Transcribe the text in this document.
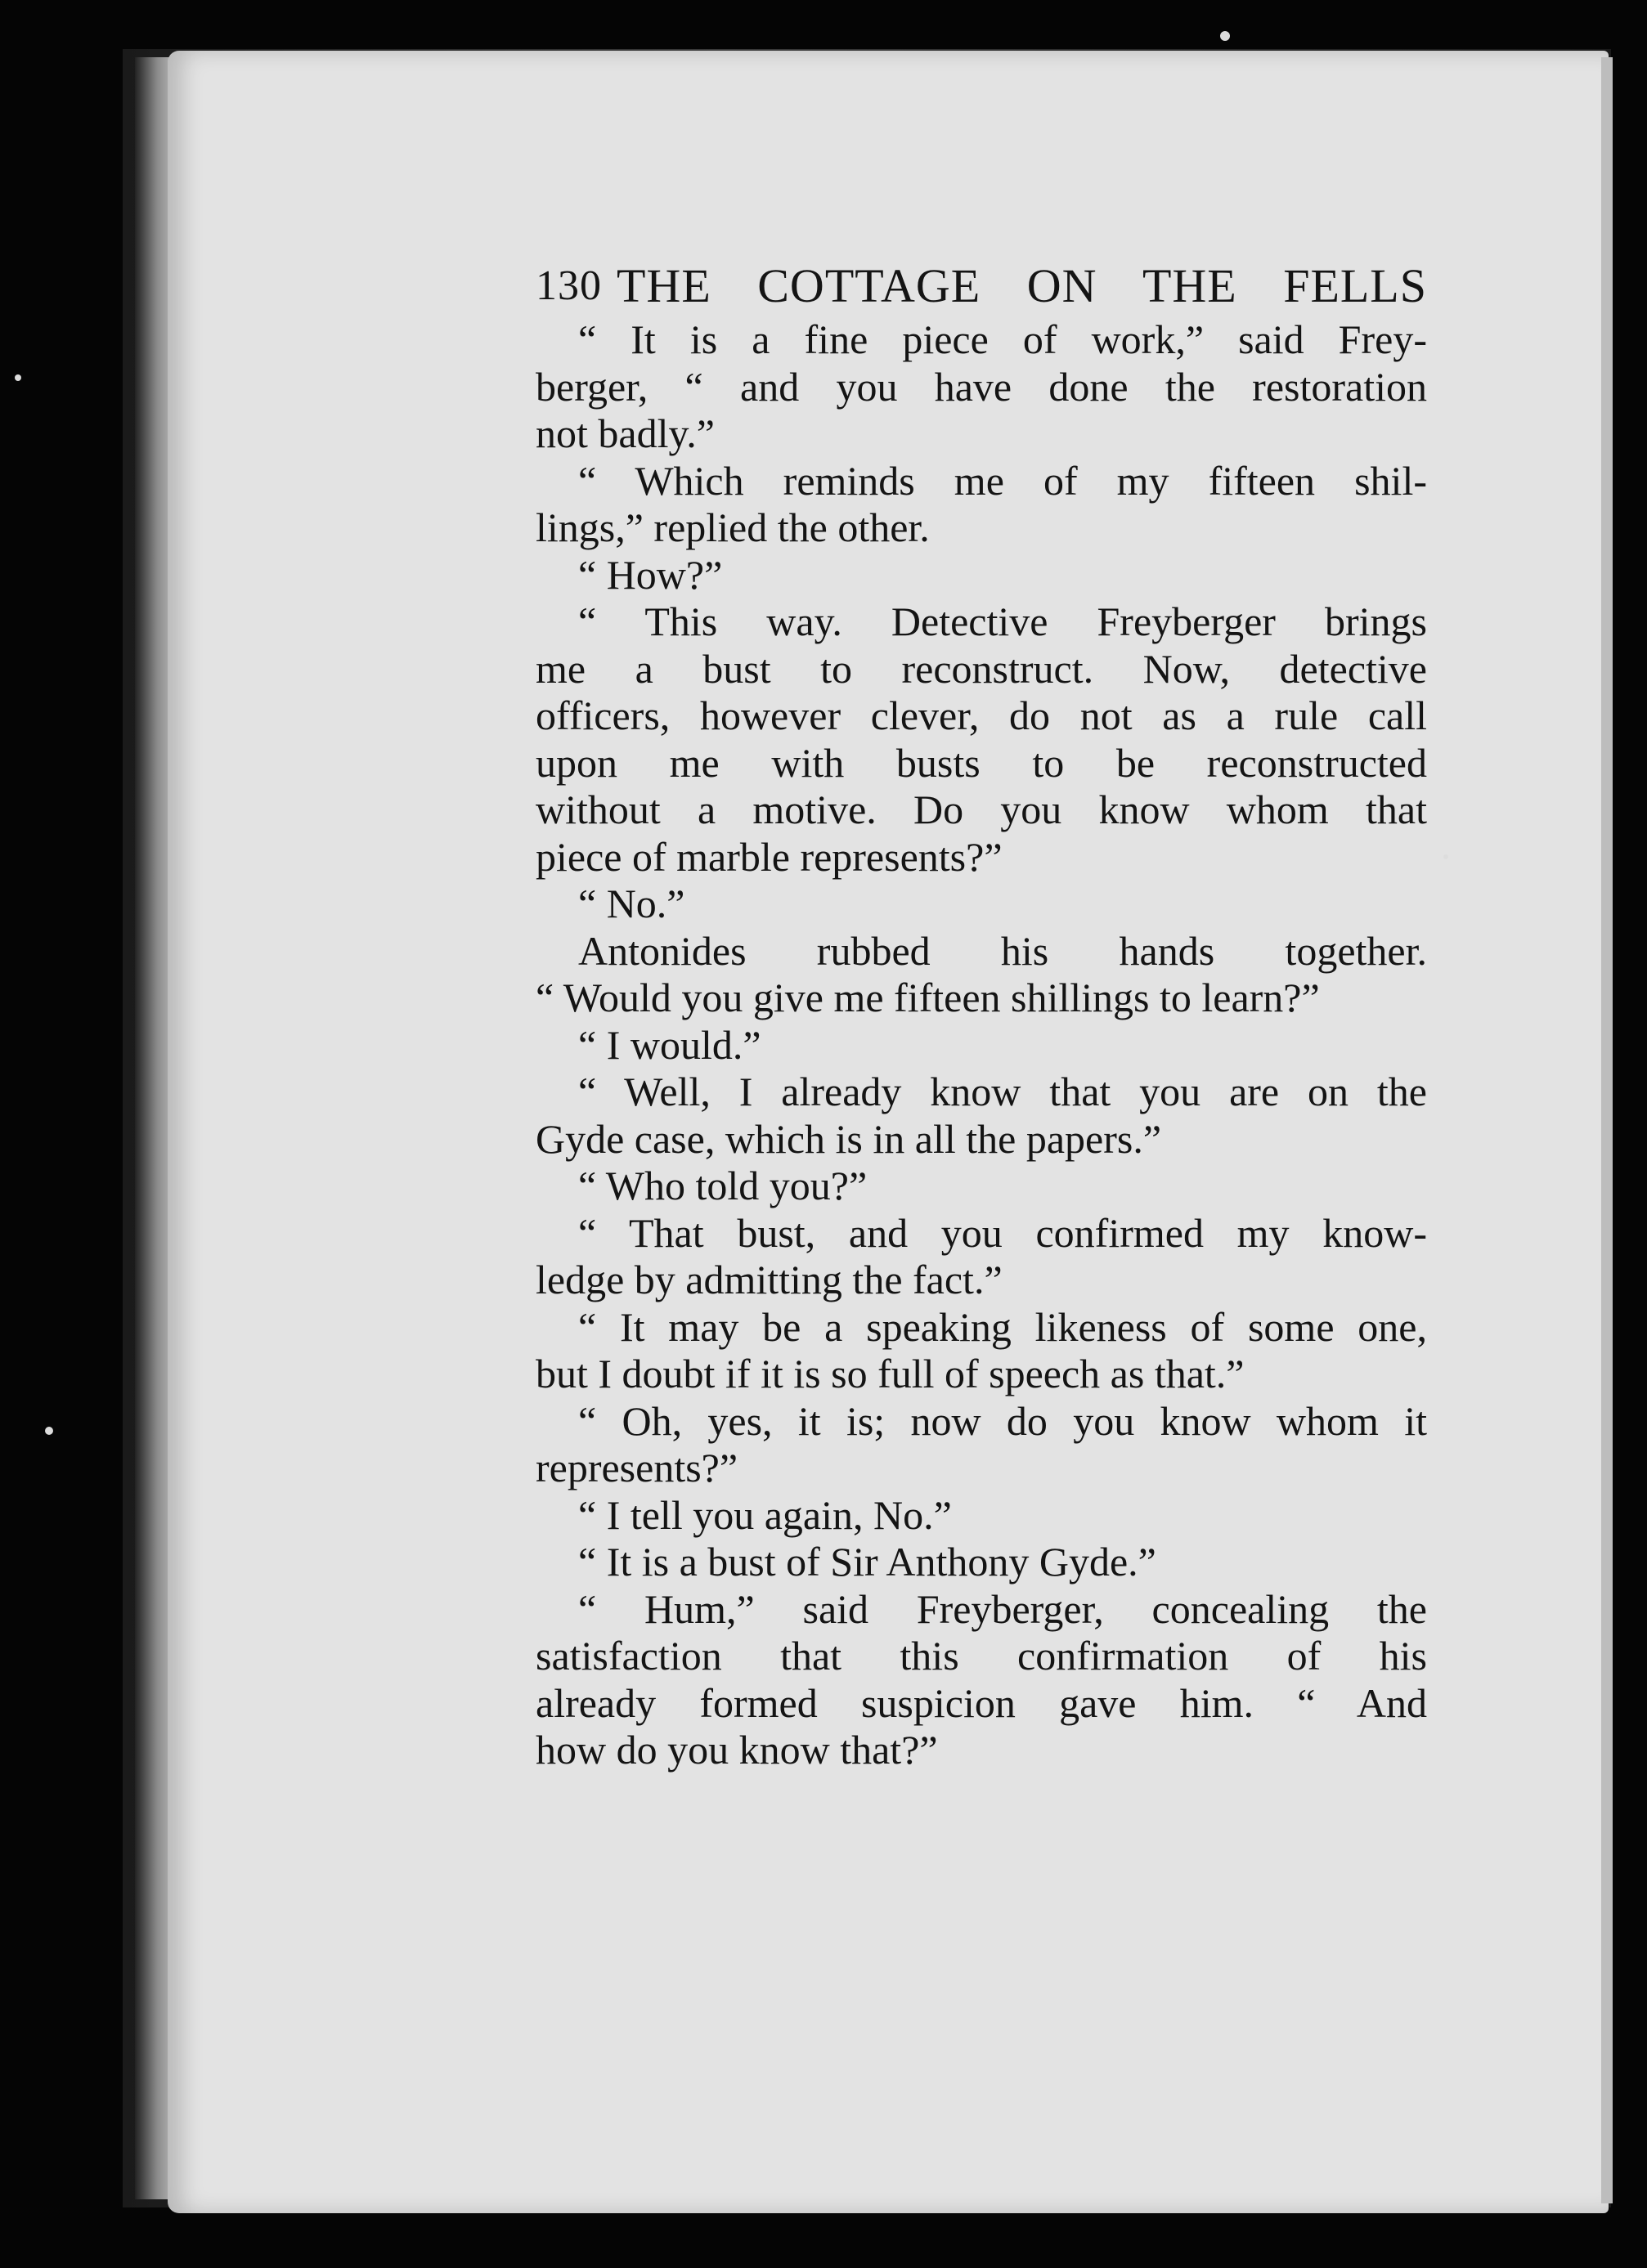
130 THE COTTAGE ON THE FELLS
“ It is a fine piece of work,” said Frey-
berger, “ and you have done the restoration
not badly.”
“ Which reminds me of my fifteen shil-
lings,” replied the other.
“ How?”
“ This way. Detective Freyberger brings
me a bust to reconstruct. Now, detective
officers, however clever, do not as a rule call
upon me with busts to be reconstructed
without a motive. Do you know whom that
piece of marble represents?”
“ No.”
Antonides rubbed his hands together.
“ Would you give me fifteen shillings to learn?”
“ I would.”
“ Well, I already know that you are on the
Gyde case, which is in all the papers.”
“ Who told you?”
“ That bust, and you confirmed my know-
ledge by admitting the fact.”
“ It may be a speaking likeness of some one,
but I doubt if it is so full of speech as that.”
“ Oh, yes, it is; now do you know whom it
represents?”
“ I tell you again, No.”
“ It is a bust of Sir Anthony Gyde.”
“ Hum,” said Freyberger, concealing the
satisfaction that this confirmation of his
already formed suspicion gave him. “ And
how do you know that?”
